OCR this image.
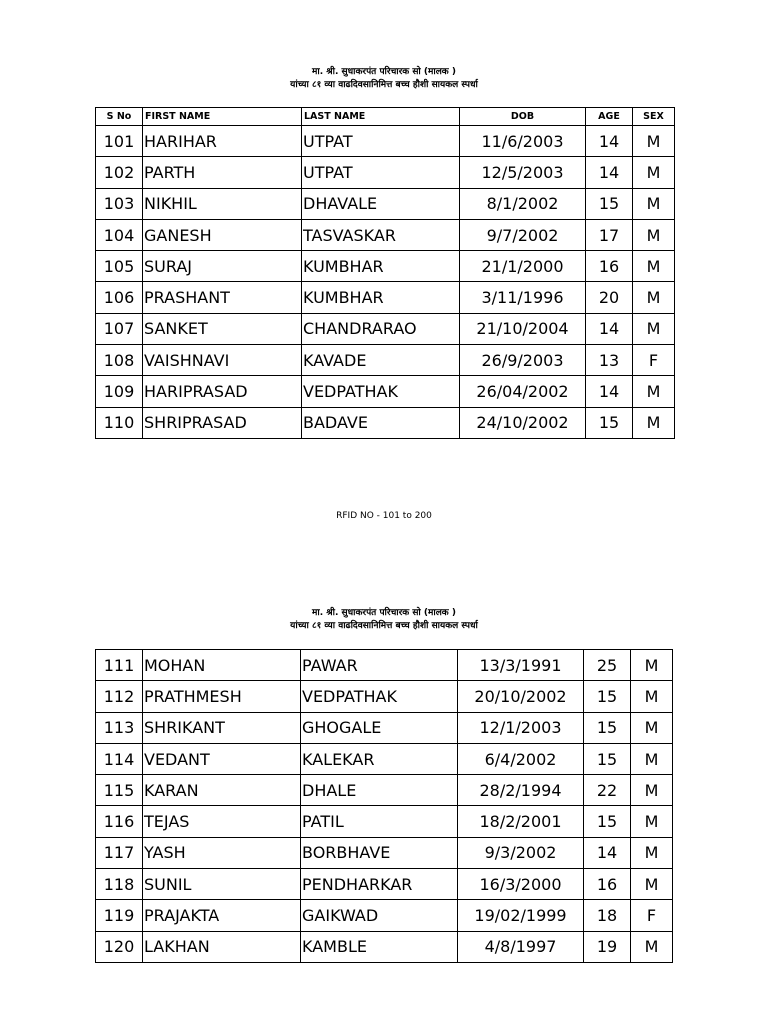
मा. श्री. सुधाकरपंत परिचारक सो (मालक )
यांच्या ८१ व्या वाढदिवसानिमित्त बच्च हौशी सायकल स्पर्धा
S No	FIRST NAME	LAST NAME	DOB	AGE	SEX
101	HARIHAR	UTPAT	11/6/2003	14	M
102	PARTH	UTPAT	12/5/2003	14	M
103	NIKHIL	DHAVALE	8/1/2002	15	M
104	GANESH	TASVASKAR	9/7/2002	17	M
105	SURAJ	KUMBHAR	21/1/2000	16	M
106	PRASHANT	KUMBHAR	3/11/1996	20	M
107	SANKET	CHANDRARAO	21/10/2004	14	M
108	VAISHNAVI	KAVADE	26/9/2003	13	F
109	HARIPRASAD	VEDPATHAK	26/04/2002	14	M
110	SHRIPRASAD	BADAVE	24/10/2002	15	M
RFID NO - 101 to 200
मा. श्री. सुधाकरपंत परिचारक सो (मालक )
यांच्या ८१ व्या वाढदिवसानिमित्त बच्च हौशी सायकल स्पर्धा
111	MOHAN	PAWAR	13/3/1991	25	M
112	PRATHMESH	VEDPATHAK	20/10/2002	15	M
113	SHRIKANT	GHOGALE	12/1/2003	15	M
114	VEDANT	KALEKAR	6/4/2002	15	M
115	KARAN	DHALE	28/2/1994	22	M
116	TEJAS	PATIL	18/2/2001	15	M
117	YASH	BORBHAVE	9/3/2002	14	M
118	SUNIL	PENDHARKAR	16/3/2000	16	M
119	PRAJAKTA	GAIKWAD	19/02/1999	18	F
120	LAKHAN	KAMBLE	4/8/1997	19	M
